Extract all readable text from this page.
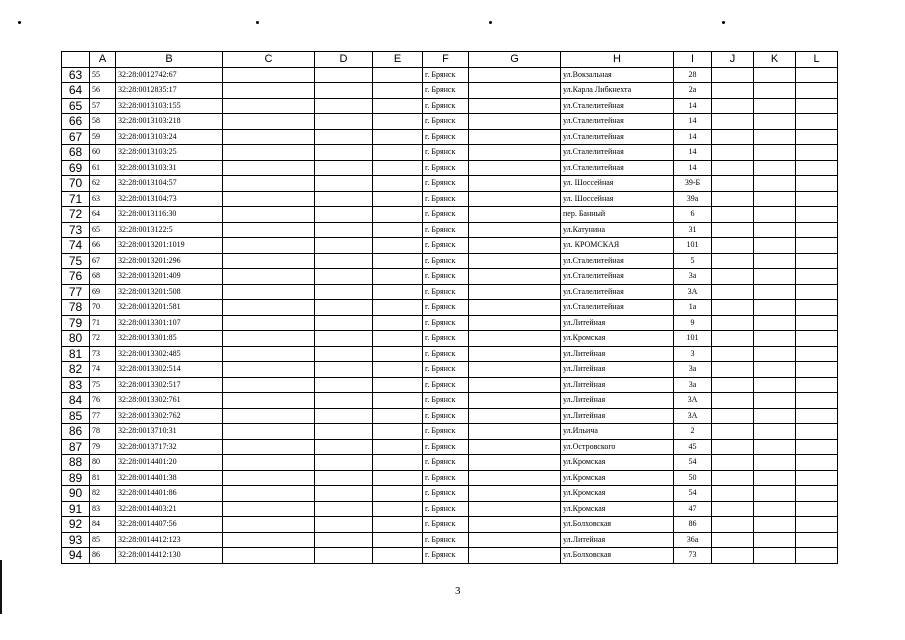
	A	B	C	D	E	F	G	H	I	J	K	L
63	55	32:28:0012742:67				г. Брянск		ул.Вокзальная	28			
64	56	32:28:0012835:17				г. Брянск		ул.Карла Либкнехта	2а			
65	57	32:28:0013103:155				г. Брянск		ул.Сталелитейная	14			
66	58	32:28:0013103:218				г. Брянск		ул.Сталелитейная	14			
67	59	32:28:0013103:24				г. Брянск		ул.Сталелитейная	14			
68	60	32:28:0013103:25				г. Брянск		ул.Сталелитейная	14			
69	61	32:28:0013103:31				г. Брянск		ул.Сталелитейная	14			
70	62	32:28:0013104:57				г. Брянск		ул. Шоссейная	39-Б			
71	63	32:28:0013104:73				г. Брянск		ул. Шоссейная	39а			
72	64	32:28:0013116:30				г. Брянск		пер. Банный	6			
73	65	32:28:0013122:5				г. Брянск		ул.Катунина	31			
74	66	32:28:0013201:1019				г. Брянск		ул. КРОМСКАЯ	101			
75	67	32:28:0013201:296				г. Брянск		ул.Сталелитейная	5			
76	68	32:28:0013201:409				г. Брянск		ул.Сталелитейная	3а			
77	69	32:28:0013201:508				г. Брянск		ул.Сталелитейная	3А			
78	70	32:28:0013201:581				г. Брянск		ул.Сталелитейная	1а			
79	71	32:28:0013301:107				г. Брянск		ул.Литейная	9			
80	72	32:28:0013301:85				г. Брянск		ул.Кромская	101			
81	73	32:28:0013302:485				г. Брянск		ул.Литейная	3			
82	74	32:28:0013302:514				г. Брянск		ул.Литейная	3а			
83	75	32:28:0013302:517				г. Брянск		ул.Литейная	3а			
84	76	32:28:0013302:761				г. Брянск		ул.Литейная	3А			
85	77	32:28:0013302:762				г. Брянск		ул.Литейная	3А			
86	78	32:28:0013710:31				г. Брянск		ул.Ильича	2			
87	79	32:28:0013717:32				г. Брянск		ул.Островского	45			
88	80	32:28:0014401:20				г. Брянск		ул.Кромская	54			
89	81	32:28:0014401:38				г. Брянск		ул.Кромская	50			
90	82	32:28:0014401:86				г. Брянск		ул.Кромская	54			
91	83	32:28:0014403:21				г. Брянск		ул.Кромская	47			
92	84	32:28:0014407:56				г. Брянск		ул.Болховская	86			
93	85	32:28:0014412:123				г. Брянск		ул.Литейная	36а			
94	86	32:28:0014412:130				г. Брянск		ул.Болховская	73			
3
